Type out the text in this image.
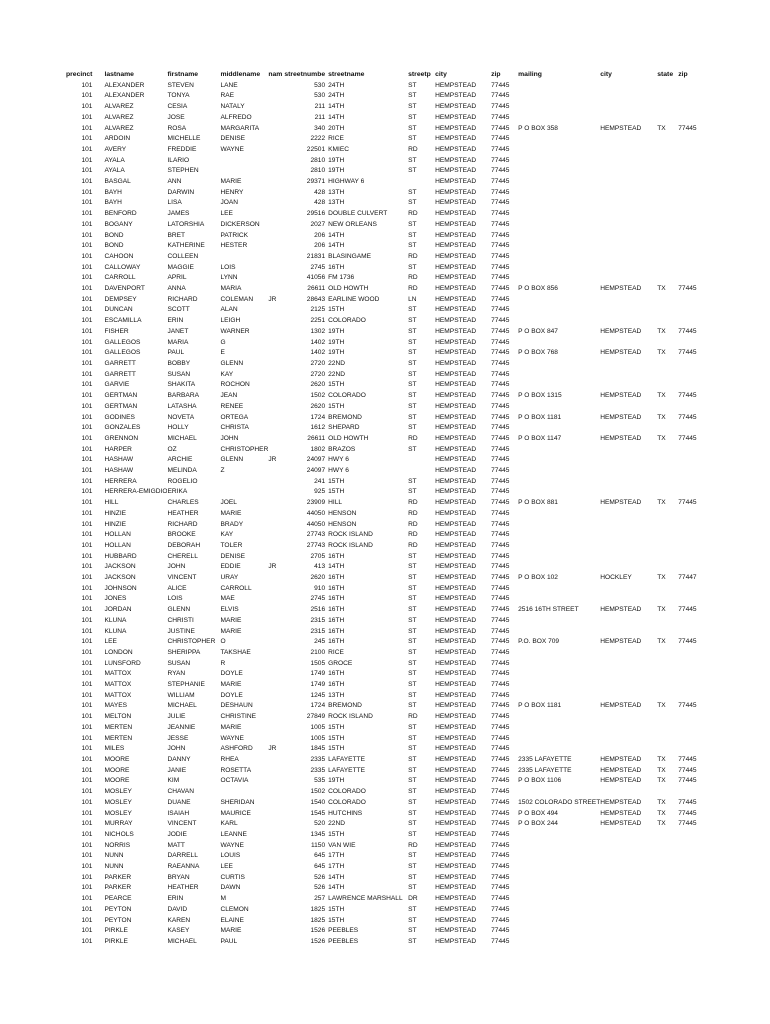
precinct	lastname	firstname	middlename	nam	streetnumbe	streetname	streetp	city	zip	mailing	city	state	zip
101	ALEXANDER	STEVEN	LANE		530	24TH	ST	HEMPSTEAD	77445				
101	ALEXANDER	TONYA	RAE		530	24TH	ST	HEMPSTEAD	77445				
101	ALVAREZ	CESIA	NATALY		211	14TH	ST	HEMPSTEAD	77445				
101	ALVAREZ	JOSE	ALFREDO		211	14TH	ST	HEMPSTEAD	77445				
101	ALVAREZ	ROSA	MARGARITA		340	20TH	ST	HEMPSTEAD	77445	P O BOX 358	HEMPSTEAD	TX	77445
101	ARDOIN	MICHELLE	DENISE		2222	RICE	ST	HEMPSTEAD	77445				
101	AVERY	FREDDIE	WAYNE		22501	KMIEC	RD	HEMPSTEAD	77445				
101	AYALA	ILARIO			2810	19TH	ST	HEMPSTEAD	77445				
101	AYALA	STEPHEN			2810	19TH	ST	HEMPSTEAD	77445				
101	BASGAL	ANN	MARIE		29371	HIGHWAY 6		HEMPSTEAD	77445				
101	BAYH	DARWIN	HENRY		428	13TH	ST	HEMPSTEAD	77445				
101	BAYH	LISA	JOAN		428	13TH	ST	HEMPSTEAD	77445				
101	BENFORD	JAMES	LEE		29516	DOUBLE CULVERT	RD	HEMPSTEAD	77445				
101	BOGANY	LATORSHIA	DICKERSON		2027	NEW ORLEANS	ST	HEMPSTEAD	77445				
101	BOND	BRET	PATRICK		206	14TH	ST	HEMPSTEAD	77445				
101	BOND	KATHERINE	HESTER		206	14TH	ST	HEMPSTEAD	77445				
101	CAHOON	COLLEEN			21831	BLASINGAME	RD	HEMPSTEAD	77445				
101	CALLOWAY	MAGGIE	LOIS		2745	16TH	ST	HEMPSTEAD	77445				
101	CARROLL	APRIL	LYNN		41056	FM 1736	RD	HEMPSTEAD	77445				
101	DAVENPORT	ANNA	MARIA		26611	OLD HOWTH	RD	HEMPSTEAD	77445	P O BOX 856	HEMPSTEAD	TX	77445
101	DEMPSEY	RICHARD	COLEMAN	JR	28643	EARLINE WOOD	LN	HEMPSTEAD	77445				
101	DUNCAN	SCOTT	ALAN		2125	15TH	ST	HEMPSTEAD	77445				
101	ESCAMILLA	ERIN	LEIGH		2251	COLORADO	ST	HEMPSTEAD	77445				
101	FISHER	JANET	WARNER		1302	19TH	ST	HEMPSTEAD	77445	P O BOX 847	HEMPSTEAD	TX	77445
101	GALLEGOS	MARIA	G		1402	19TH	ST	HEMPSTEAD	77445				
101	GALLEGOS	PAUL	E		1402	19TH	ST	HEMPSTEAD	77445	P O BOX 768	HEMPSTEAD	TX	77445
101	GARRETT	BOBBY	GLENN		2720	22ND	ST	HEMPSTEAD	77445				
101	GARRETT	SUSAN	KAY		2720	22ND	ST	HEMPSTEAD	77445				
101	GARVIE	SHAKITA	ROCHON		2620	15TH	ST	HEMPSTEAD	77445				
101	GERTMAN	BARBARA	JEAN		1502	COLORADO	ST	HEMPSTEAD	77445	P O BOX 1315	HEMPSTEAD	TX	77445
101	GERTMAN	LATASHA	RENEE		2620	15TH	ST	HEMPSTEAD	77445				
101	GODINES	NOVETA	ORTEGA		1724	BREMOND	ST	HEMPSTEAD	77445	P O BOX 1181	HEMPSTEAD	TX	77445
101	GONZALES	HOLLY	CHRISTA		1612	SHEPARD	ST	HEMPSTEAD	77445				
101	GRENNON	MICHAEL	JOHN		26611	OLD HOWTH	RD	HEMPSTEAD	77445	P O BOX 1147	HEMPSTEAD	TX	77445
101	HARPER	OZ	CHRISTOPHER		1802	BRAZOS	ST	HEMPSTEAD	77445				
101	HASHAW	ARCHIE	GLENN	JR	24097	HWY 6		HEMPSTEAD	77445				
101	HASHAW	MELINDA	Z		24097	HWY 6		HEMPSTEAD	77445				
101	HERRERA	ROGELIO			241	15TH	ST	HEMPSTEAD	77445				
101	HERRERA-EMIGDIO	ERIKA			925	15TH	ST	HEMPSTEAD	77445				
101	HILL	CHARLES	JOEL		23909	HILL	RD	HEMPSTEAD	77445	P O BOX 881	HEMPSTEAD	TX	77445
101	HINZIE	HEATHER	MARIE		44050	HENSON	RD	HEMPSTEAD	77445				
101	HINZIE	RICHARD	BRADY		44050	HENSON	RD	HEMPSTEAD	77445				
101	HOLLAN	BROOKE	KAY		27743	ROCK ISLAND	RD	HEMPSTEAD	77445				
101	HOLLAN	DEBORAH	TOLER		27743	ROCK ISLAND	RD	HEMPSTEAD	77445				
101	HUBBARD	CHERELL	DENISE		2705	16TH	ST	HEMPSTEAD	77445				
101	JACKSON	JOHN	EDDIE	JR	413	14TH	ST	HEMPSTEAD	77445				
101	JACKSON	VINCENT	URAY		2620	16TH	ST	HEMPSTEAD	77445	P O BOX 102	HOCKLEY	TX	77447
101	JOHNSON	ALICE	CARROLL		910	16TH	ST	HEMPSTEAD	77445				
101	JONES	LOIS	MAE		2745	16TH	ST	HEMPSTEAD	77445				
101	JORDAN	GLENN	ELVIS		2516	16TH	ST	HEMPSTEAD	77445	2516 16TH STREET	HEMPSTEAD	TX	77445
101	KLUNA	CHRISTI	MARIE		2315	16TH	ST	HEMPSTEAD	77445				
101	KLUNA	JUSTINE	MARIE		2315	16TH	ST	HEMPSTEAD	77445				
101	LEE	CHRISTOPHER	O		245	16TH	ST	HEMPSTEAD	77445	P.O. BOX 709	HEMPSTEAD	TX	77445
101	LONDON	SHERIPPA	TAKSHAE		2100	RICE	ST	HEMPSTEAD	77445				
101	LUNSFORD	SUSAN	R		1505	GROCE	ST	HEMPSTEAD	77445				
101	MATTOX	RYAN	DOYLE		1749	16TH	ST	HEMPSTEAD	77445				
101	MATTOX	STEPHANIE	MARIE		1749	16TH	ST	HEMPSTEAD	77445				
101	MATTOX	WILLIAM	DOYLE		1245	13TH	ST	HEMPSTEAD	77445				
101	MAYES	MICHAEL	DESHAUN		1724	BREMOND	ST	HEMPSTEAD	77445	P O BOX 1181	HEMPSTEAD	TX	77445
101	MELTON	JULIE	CHRISTINE		27849	ROCK ISLAND	RD	HEMPSTEAD	77445				
101	MERTEN	JEANNIE	MARIE		1005	15TH	ST	HEMPSTEAD	77445				
101	MERTEN	JESSE	WAYNE		1005	15TH	ST	HEMPSTEAD	77445				
101	MILES	JOHN	ASHFORD	JR	1845	15TH	ST	HEMPSTEAD	77445				
101	MOORE	DANNY	RHEA		2335	LAFAYETTE	ST	HEMPSTEAD	77445	2335 LAFAYETTE	HEMPSTEAD	TX	77445
101	MOORE	JANIE	ROSETTA		2335	LAFAYETTE	ST	HEMPSTEAD	77445	2335 LAFAYETTE	HEMPSTEAD	TX	77445
101	MOORE	KIM	OCTAVIA		535	19TH	ST	HEMPSTEAD	77445	P O BOX 1106	HEMPSTEAD	TX	77445
101	MOSLEY	CHAVAN			1502	COLORADO	ST	HEMPSTEAD	77445				
101	MOSLEY	DUANE	SHERIDAN		1540	COLORADO	ST	HEMPSTEAD	77445	1502 COLORADO STREET	HEMPSTEAD	TX	77445
101	MOSLEY	ISAIAH	MAURICE		1545	HUTCHINS	ST	HEMPSTEAD	77445	P O BOX 494	HEMPSTEAD	TX	77445
101	MURRAY	VINCENT	KARL		520	22ND	ST	HEMPSTEAD	77445	P O BOX 244	HEMPSTEAD	TX	77445
101	NICHOLS	JODIE	LEANNE		1345	15TH	ST	HEMPSTEAD	77445				
101	NORRIS	MATT	WAYNE		1150	VAN WIE	RD	HEMPSTEAD	77445				
101	NUNN	DARRELL	LOUIS		645	17TH	ST	HEMPSTEAD	77445				
101	NUNN	RAEANNA	LEE		645	17TH	ST	HEMPSTEAD	77445				
101	PARKER	BRYAN	CURTIS		526	14TH	ST	HEMPSTEAD	77445				
101	PARKER	HEATHER	DAWN		526	14TH	ST	HEMPSTEAD	77445				
101	PEARCE	ERIN	M		257	LAWRENCE MARSHALL	DR	HEMPSTEAD	77445				
101	PEYTON	DAVID	CLEMON		1825	15TH	ST	HEMPSTEAD	77445				
101	PEYTON	KAREN	ELAINE		1825	15TH	ST	HEMPSTEAD	77445				
101	PIRKLE	KASEY	MARIE		1526	PEEBLES	ST	HEMPSTEAD	77445				
101	PIRKLE	MICHAEL	PAUL		1526	PEEBLES	ST	HEMPSTEAD	77445				
